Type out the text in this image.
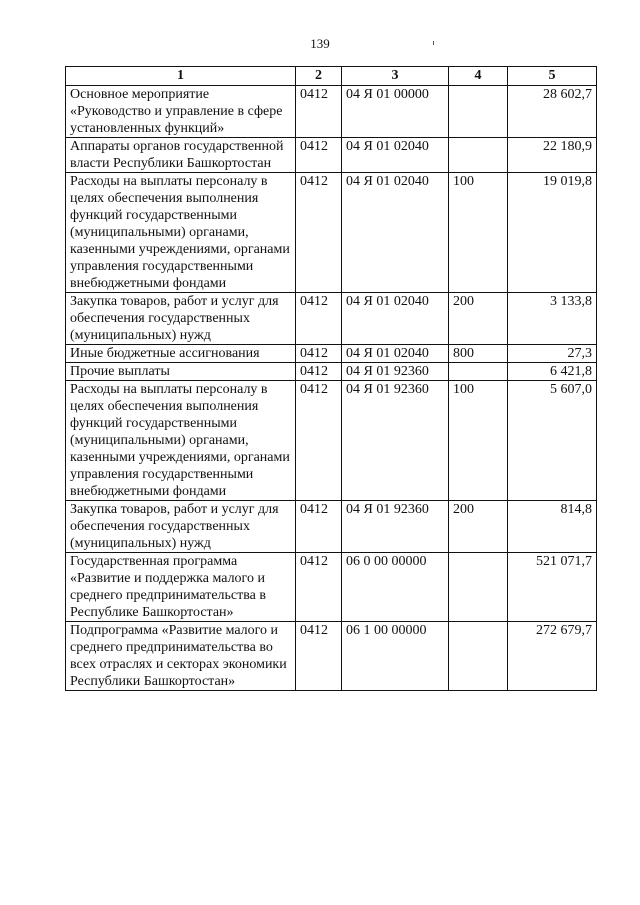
139
1	2	3	4	5
Основное мероприятие «Руководство и управление в сфере установленных функций»	0412	04 Я 01 00000		28 602,7
Аппараты органов государственной власти Республики Башкортостан	0412	04 Я 01 02040		22 180,9
Расходы на выплаты персоналу в целях обеспечения выполнения функций государственными (муниципальными) органами, казенными учреждениями, органами управления государственными внебюджетными фондами	0412	04 Я 01 02040	100	19 019,8
Закупка товаров, работ и услуг для обеспечения государственных (муниципальных) нужд	0412	04 Я 01 02040	200	3 133,8
Иные бюджетные ассигнования	0412	04 Я 01 02040	800	27,3
Прочие выплаты	0412	04 Я 01 92360		6 421,8
Расходы на выплаты персоналу в целях обеспечения выполнения функций государственными (муниципальными) органами, казенными учреждениями, органами управления государственными внебюджетными фондами	0412	04 Я 01 92360	100	5 607,0
Закупка товаров, работ и услуг для обеспечения государственных (муниципальных) нужд	0412	04 Я 01 92360	200	814,8
Государственная программа «Развитие и поддержка малого и среднего предпринимательства в Республике Башкортостан»	0412	06 0 00 00000		521 071,7
Подпрограмма «Развитие малого и среднего предпринимательства во всех отраслях и секторах экономики Республики Башкортостан»	0412	06 1 00 00000		272 679,7
